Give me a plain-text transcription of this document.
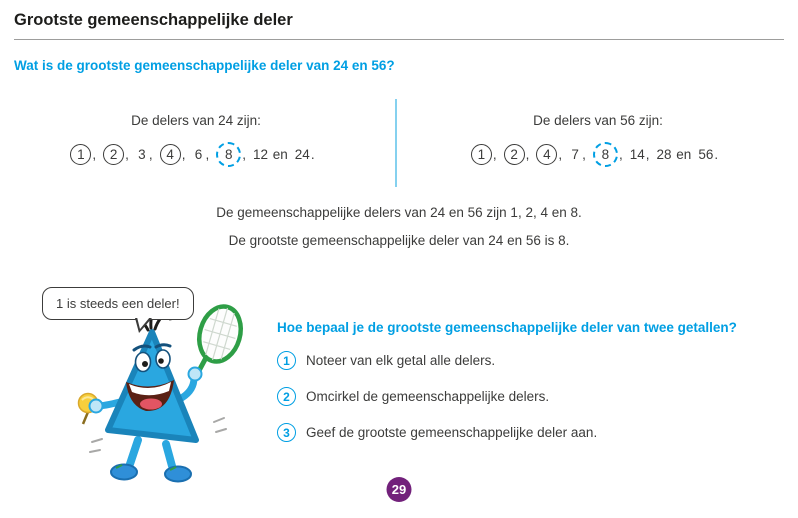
Grootste gemeenschappelijke deler
Wat is de grootste gemeenschappelijke deler van 24 en 56?
De delers van 24 zijn:
1 ,	2 , 3 ,	4 , 6 ,	8 , 12 en 24 .
De delers van 56 zijn:
1 ,	2 ,	4 , 7 ,	8 , 14 , 28 en 56 .
De gemeenschappelijke delers van 24 en 56 zijn 1, 2, 4 en 8.
De grootste gemeenschappelijke deler van 24 en 56 is 8.
1 is steeds een deler!
Hoe bepaal je de grootste gemeenschappelijke deler van twee getallen?
1	Noteer van elk getal alle delers.
2	Omcirkel de gemeenschappelijke delers.
3	Geef de grootste gemeenschappelijke deler aan.
29
